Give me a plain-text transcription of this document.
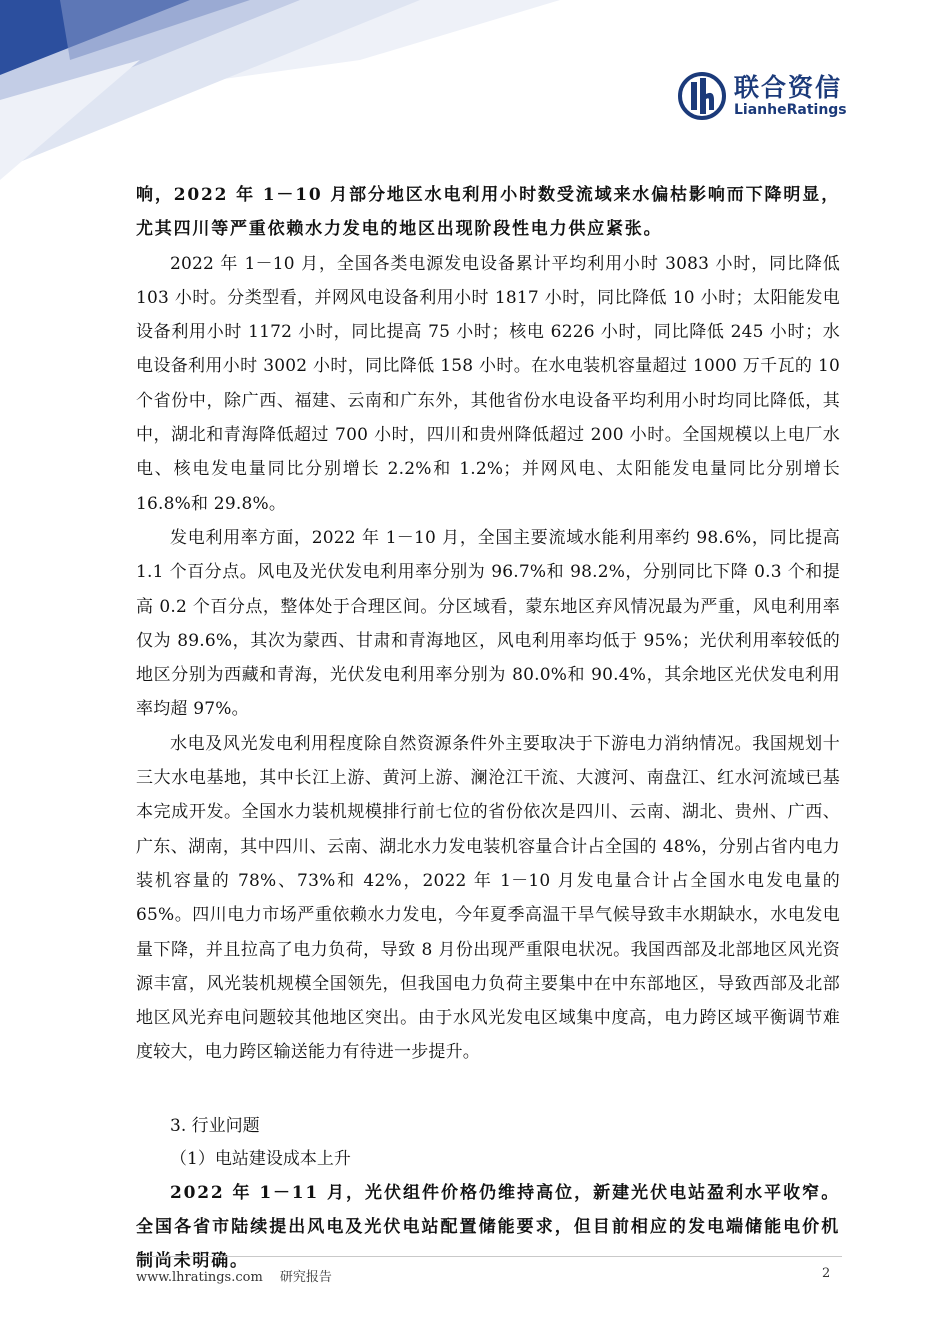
联合资信
LianheRatings

响，2022 年 1－10 月部分地区水电利用小时数受流域来水偏枯影响而下降明显，尤其四川等严重依赖水力发电的地区出现阶段性电力供应紧张。

2022 年 1－10 月，全国各类电源发电设备累计平均利用小时 3083 小时，同比降低 103 小时。分类型看，并网风电设备利用小时 1817 小时，同比降低 10 小时；太阳能发电设备利用小时 1172 小时，同比提高 75 小时；核电 6226 小时，同比降低 245 小时；水电设备利用小时 3002 小时，同比降低 158 小时。在水电装机容量超过 1000 万千瓦的 10 个省份中，除广西、福建、云南和广东外，其他省份水电设备平均利用小时均同比降低，其中，湖北和青海降低超过 700 小时，四川和贵州降低超过 200 小时。全国规模以上电厂水电、核电发电量同比分别增长 2.2%和 1.2%；并网风电、太阳能发电量同比分别增长 16.8%和 29.8%。

发电利用率方面，2022 年 1－10 月，全国主要流域水能利用率约 98.6%，同比提高 1.1 个百分点。风电及光伏发电利用率分别为 96.7%和 98.2%，分别同比下降 0.3 个和提高 0.2 个百分点，整体处于合理区间。分区域看，蒙东地区弃风情况最为严重，风电利用率仅为 89.6%，其次为蒙西、甘肃和青海地区，风电利用率均低于 95%；光伏利用率较低的地区分别为西藏和青海，光伏发电利用率分别为 80.0%和 90.4%，其余地区光伏发电利用率均超 97%。

水电及风光发电利用程度除自然资源条件外主要取决于下游电力消纳情况。我国规划十三大水电基地，其中长江上游、黄河上游、澜沧江干流、大渡河、南盘江、红水河流域已基本完成开发。全国水力装机规模排行前七位的省份依次是四川、云南、湖北、贵州、广西、广东、湖南，其中四川、云南、湖北水力发电装机容量合计占全国的 48%，分别占省内电力装机容量的 78%、73%和 42%，2022 年 1－10 月发电量合计占全国水电发电量的 65%。四川电力市场严重依赖水力发电，今年夏季高温干旱气候导致丰水期缺水，水电发电量下降，并且拉高了电力负荷，导致 8 月份出现严重限电状况。我国西部及北部地区风光资源丰富，风光装机规模全国领先，但我国电力负荷主要集中在中东部地区，导致西部及北部地区风光弃电问题较其他地区突出。由于水风光发电区域集中度高，电力跨区域平衡调节难度较大，电力跨区输送能力有待进一步提升。

3. 行业问题

（1）电站建设成本上升

2022 年 1－11 月，光伏组件价格仍维持高位，新建光伏电站盈利水平收窄。全国各省市陆续提出风电及光伏电站配置储能要求，但目前相应的发电端储能电价机制尚未明确。

www.lhratings.com　 研究报告	2
